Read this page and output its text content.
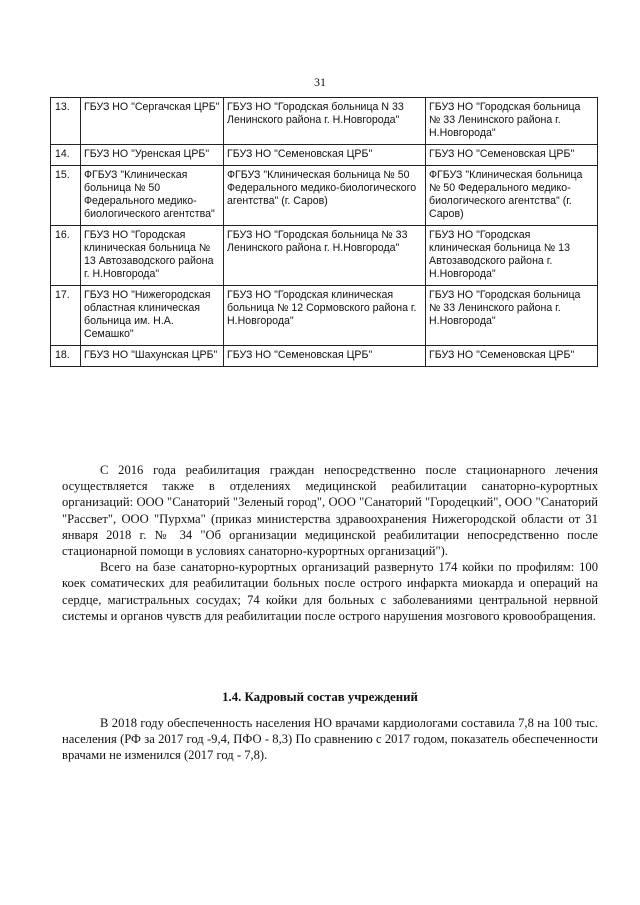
31
13.	ГБУЗ НО "Сергачская ЦРБ"	ГБУЗ НО "Городская больница N 33 Ленинского района г. Н.Новгорода"	ГБУЗ НО "Городская больница № 33 Ленинского района г. Н.Новгорода"
14.	ГБУЗ НО "Уренская ЦРБ"	ГБУЗ НО "Семеновская ЦРБ"	ГБУЗ НО "Семеновская ЦРБ"
15.	ФГБУЗ "Клиническая больница № 50 Федерального медико-биологического агентства"	ФГБУЗ "Клиническая больница № 50 Федерального медико-биологического агентства" (г. Саров)	ФГБУЗ "Клиническая больница № 50 Федерального медико-биологического агентства" (г. Саров)
16.	ГБУЗ НО "Городская клиническая больница № 13 Автозаводского района г. Н.Новгорода"	ГБУЗ НО "Городская больница № 33 Ленинского района г. Н.Новгорода"	ГБУЗ НО "Городская клиническая больница № 13 Автозаводского района г. Н.Новгорода"
17.	ГБУЗ НО "Нижегородская областная клиническая больница им. Н.А. Семашко"	ГБУЗ НО "Городская клиническая больница № 12 Сормовского района г. Н.Новгорода"	ГБУЗ НО "Городская больница № 33 Ленинского района г. Н.Новгорода"
18.	ГБУЗ НО "Шахунская ЦРБ"	ГБУЗ НО "Семеновская ЦРБ"	ГБУЗ НО "Семеновская ЦРБ"

С 2016 года реабилитация граждан непосредственно после стационарного лечения осуществляется также в отделениях медицинской реабилитации санаторно-курортных организаций: ООО "Санаторий "Зеленый город", ООО "Санаторий "Городецкий", ООО "Санаторий "Рассвет", ООО "Пурхма" (приказ министерства здравоохранения Нижегородской области от 31 января 2018 г. № 34 "Об организации медицинской реабилитации непосредственно после стационарной помощи в условиях санаторно-курортных организаций").

Всего на базе санаторно-курортных организаций развернуто 174 койки по профилям: 100 коек соматических для реабилитации больных после острого инфаркта миокарда и операций на сердце, магистральных сосудах; 74 койки для больных с заболеваниями центральной нервной системы и органов чувств для реабилитации после острого нарушения мозгового кровообращения.

1.4. Кадровый состав учреждений

В 2018 году обеспеченность населения НО врачами кардиологами составила 7,8 на 100 тыс. населения (РФ за 2017 год -9,4, ПФО - 8,3) По сравнению с 2017 годом, показатель обеспеченности врачами не изменился (2017 год - 7,8).
